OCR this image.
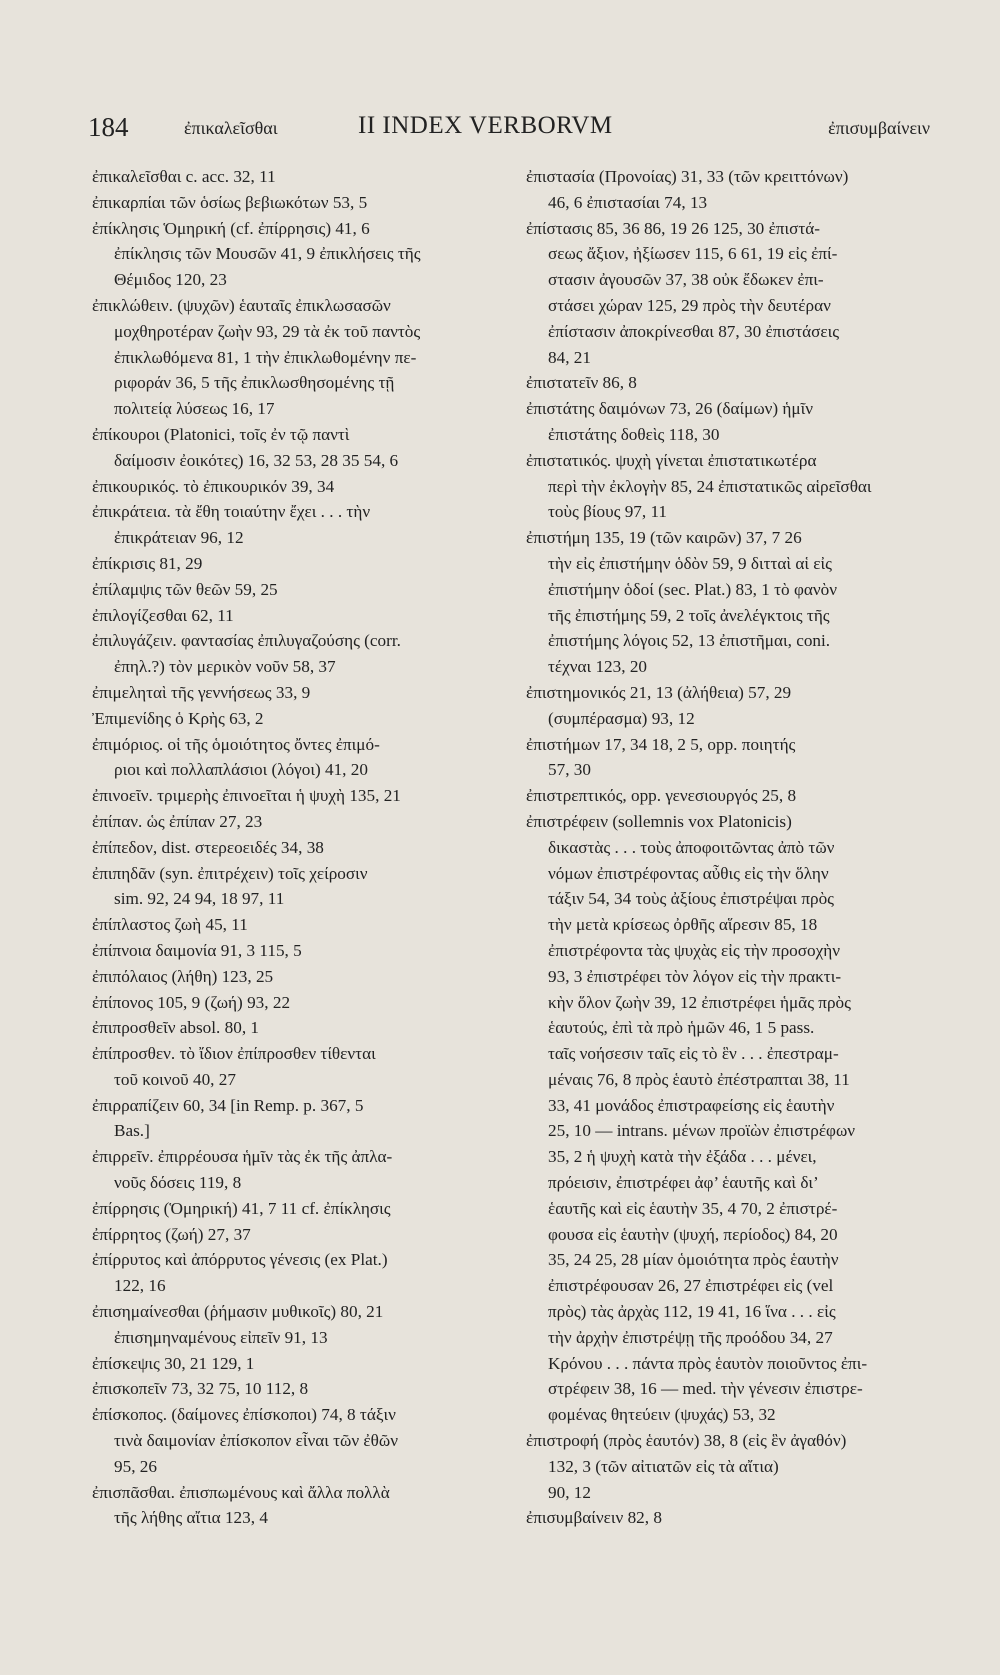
184	ἐπικαλεῖσθαι	II INDEX VERBORVM	ἐπισυμβαίνειν
ἐπικαλεῖσθαι c. acc. 32, 11
ἐπικαρπίαι τῶν ὁσίως βεβιωκότων 53, 5
ἐπίκλησις Ὁμηρική (cf. ἐπίρρησις) 41, 6
ἐπίκλησις τῶν Μουσῶν 41, 9 ἐπικλήσεις τῆς
Θέμιδος 120, 23
ἐπικλώθειν. (ψυχῶν) ἑαυταῖς ἐπικλωσασῶν
μοχθηροτέραν ζωὴν 93, 29 τὰ ἐκ τοῦ παντὸς
ἐπικλωθόμενα 81, 1 τὴν ἐπικλωθομένην πε-
ριφοράν 36, 5 τῆς ἐπικλωσθησομένης τῇ
πολιτείᾳ λύσεως 16, 17
ἐπίκουροι (Platonici, τοῖς ἐν τῷ παντὶ
δαίμοσιν ἐοικότες) 16, 32 53, 28 35 54, 6
ἐπικουρικός. τὸ ἐπικουρικόν 39, 34
ἐπικράτεια. τὰ ἔθη τοιαύτην ἔχει . . . τὴν
ἐπικράτειαν 96, 12
ἐπίκρισις 81, 29
ἐπίλαμψις τῶν θεῶν 59, 25
ἐπιλογίζεσθαι 62, 11
ἐπιλυγάζειν. φαντασίας ἐπιλυγαζούσης (corr.
ἐπηλ.?) τὸν μερικὸν νοῦν 58, 37
ἐπιμεληταὶ τῆς γεννήσεως 33, 9
Ἐπιμενίδης ὁ Κρὴς 63, 2
ἐπιμόριος. οἱ τῆς ὁμοιότητος ὄντες ἐπιμό-
ριοι καὶ πολλαπλάσιοι (λόγοι) 41, 20
ἐπινοεῖν. τριμερὴς ἐπινοεῖται ἡ ψυχὴ 135, 21
ἐπίπαν. ὡς ἐπίπαν 27, 23
ἐπίπεδον, dist. στερεοειδές 34, 38
ἐπιπηδᾶν (syn. ἐπιτρέχειν) τοῖς χείροσιν
sim. 92, 24 94, 18 97, 11
ἐπίπλαστος ζωὴ 45, 11
ἐπίπνοια δαιμονία 91, 3 115, 5
ἐπιπόλαιος (λήθη) 123, 25
ἐπίπονος 105, 9 (ζωή) 93, 22
ἐπιπροσθεῖν absol. 80, 1
ἐπίπροσθεν. τὸ ἴδιον ἐπίπροσθεν τίθενται
τοῦ κοινοῦ 40, 27
ἐπιρραπίζειν 60, 34 [in Remp. p. 367, 5
Bas.]
ἐπιρρεῖν. ἐπιρρέουσα ἡμῖν τὰς ἐκ τῆς ἀπλα-
νοῦς δόσεις 119, 8
ἐπίρρησις (Ὁμηρική) 41, 7 11 cf. ἐπίκλησις
ἐπίρρητος (ζωή) 27, 37
ἐπίρρυτος καὶ ἀπόρρυτος γένεσις (ex Plat.)
122, 16
ἐπισημαίνεσθαι (ῥήμασιν μυθικοῖς) 80, 21
ἐπισημηναμένους εἰπεῖν 91, 13
ἐπίσκεψις 30, 21 129, 1
ἐπισκοπεῖν 73, 32 75, 10 112, 8
ἐπίσκοπος. (δαίμονες ἐπίσκοποι) 74, 8 τάξιν
τινὰ δαιμονίαν ἐπίσκοπον εἶναι τῶν ἐθῶν
95, 26
ἐπισπᾶσθαι. ἐπισπωμένους καὶ ἄλλα πολλὰ
τῆς λήθης αἴτια 123, 4
ἐπιστασία (Προνοίας) 31, 33 (τῶν κρειττόνων)
46, 6 ἐπιστασίαι 74, 13
ἐπίστασις 85, 36 86, 19 26 125, 30 ἐπιστά-
σεως ἄξιον, ἠξίωσεν 115, 6 61, 19 εἰς ἐπί-
στασιν ἀγουσῶν 37, 38 οὐκ ἔδωκεν ἐπι-
στάσει χώραν 125, 29 πρὸς τὴν δευτέραν
ἐπίστασιν ἀποκρίνεσθαι 87, 30 ἐπιστάσεις
84, 21
ἐπιστατεῖν 86, 8
ἐπιστάτης δαιμόνων 73, 26 (δαίμων) ἡμῖν
ἐπιστάτης δοθεὶς 118, 30
ἐπιστατικός. ψυχὴ γίνεται ἐπιστατικωτέρα
περὶ τὴν ἐκλογὴν 85, 24 ἐπιστατικῶς αἱρεῖσθαι
τοὺς βίους 97, 11
ἐπιστήμη 135, 19 (τῶν καιρῶν) 37, 7 26
τὴν εἰς ἐπιστήμην ὁδὸν 59, 9 διτταὶ αἱ εἰς
ἐπιστήμην ὁδοί (sec. Plat.) 83, 1 τὸ φανὸν
τῆς ἐπιστήμης 59, 2 τοῖς ἀνελέγκτοις τῆς
ἐπιστήμης λόγοις 52, 13 ἐπιστῆμαι, coni.
τέχναι 123, 20
ἐπιστημονικός 21, 13 (ἀλήθεια) 57, 29
(συμπέρασμα) 93, 12
ἐπιστήμων 17, 34 18, 2 5, opp. ποιητής
57, 30
ἐπιστρεπτικός, opp. γενεσιουργός 25, 8
ἐπιστρέφειν (sollemnis vox Platonicis)
δικαστὰς . . . τοὺς ἀποφοιτῶντας ἀπὸ τῶν
νόμων ἐπιστρέφοντας αὖθις εἰς τὴν ὅλην
τάξιν 54, 34 τοὺς ἀξίους ἐπιστρέψαι πρὸς
τὴν μετὰ κρίσεως ὀρθῆς αἵρεσιν 85, 18
ἐπιστρέφοντα τὰς ψυχὰς εἰς τὴν προσοχὴν
93, 3 ἐπιστρέφει τὸν λόγον εἰς τὴν πρακτι-
κὴν ὅλον ζωὴν 39, 12 ἐπιστρέφει ἡμᾶς πρὸς
ἑαυτούς, ἐπὶ τὰ πρὸ ἡμῶν 46, 1 5 pass.
ταῖς νοήσεσιν ταῖς εἰς τὸ ἓν . . . ἐπεστραμ-
μέναις 76, 8 πρὸς ἑαυτὸ ἐπέστραπται 38, 11
33, 41 μονάδος ἐπιστραφείσης εἰς ἑαυτὴν
25, 10 — intrans. μένων προϊὼν ἐπιστρέφων
35, 2 ἡ ψυχὴ κατὰ τὴν ἐξάδα . . . μένει,
πρόεισιν, ἐπιστρέφει ἀφ’ ἑαυτῆς καὶ δι’
ἑαυτῆς καὶ εἰς ἑαυτὴν 35, 4 70, 2 ἐπιστρέ-
φουσα εἰς ἑαυτὴν (ψυχή, περίοδος) 84, 20
35, 24 25, 28 μίαν ὁμοιότητα πρὸς ἑαυτὴν
ἐπιστρέφουσαν 26, 27 ἐπιστρέφει εἰς (vel
πρὸς) τὰς ἀρχὰς 112, 19 41, 16 ἵνα . . . εἰς
τὴν ἀρχὴν ἐπιστρέψῃ τῆς προόδου 34, 27
Κρόνου . . . πάντα πρὸς ἑαυτὸν ποιοῦντος ἐπι-
στρέφειν 38, 16 — med. τὴν γένεσιν ἐπιστρε-
φομένας θητεύειν (ψυχάς) 53, 32
ἐπιστροφή (πρὸς ἑαυτόν) 38, 8 (εἰς ἓν ἀγαθόν)
132, 3 (τῶν αἰτιατῶν εἰς τὰ αἴτια)
90, 12
ἐπισυμβαίνειν 82, 8
